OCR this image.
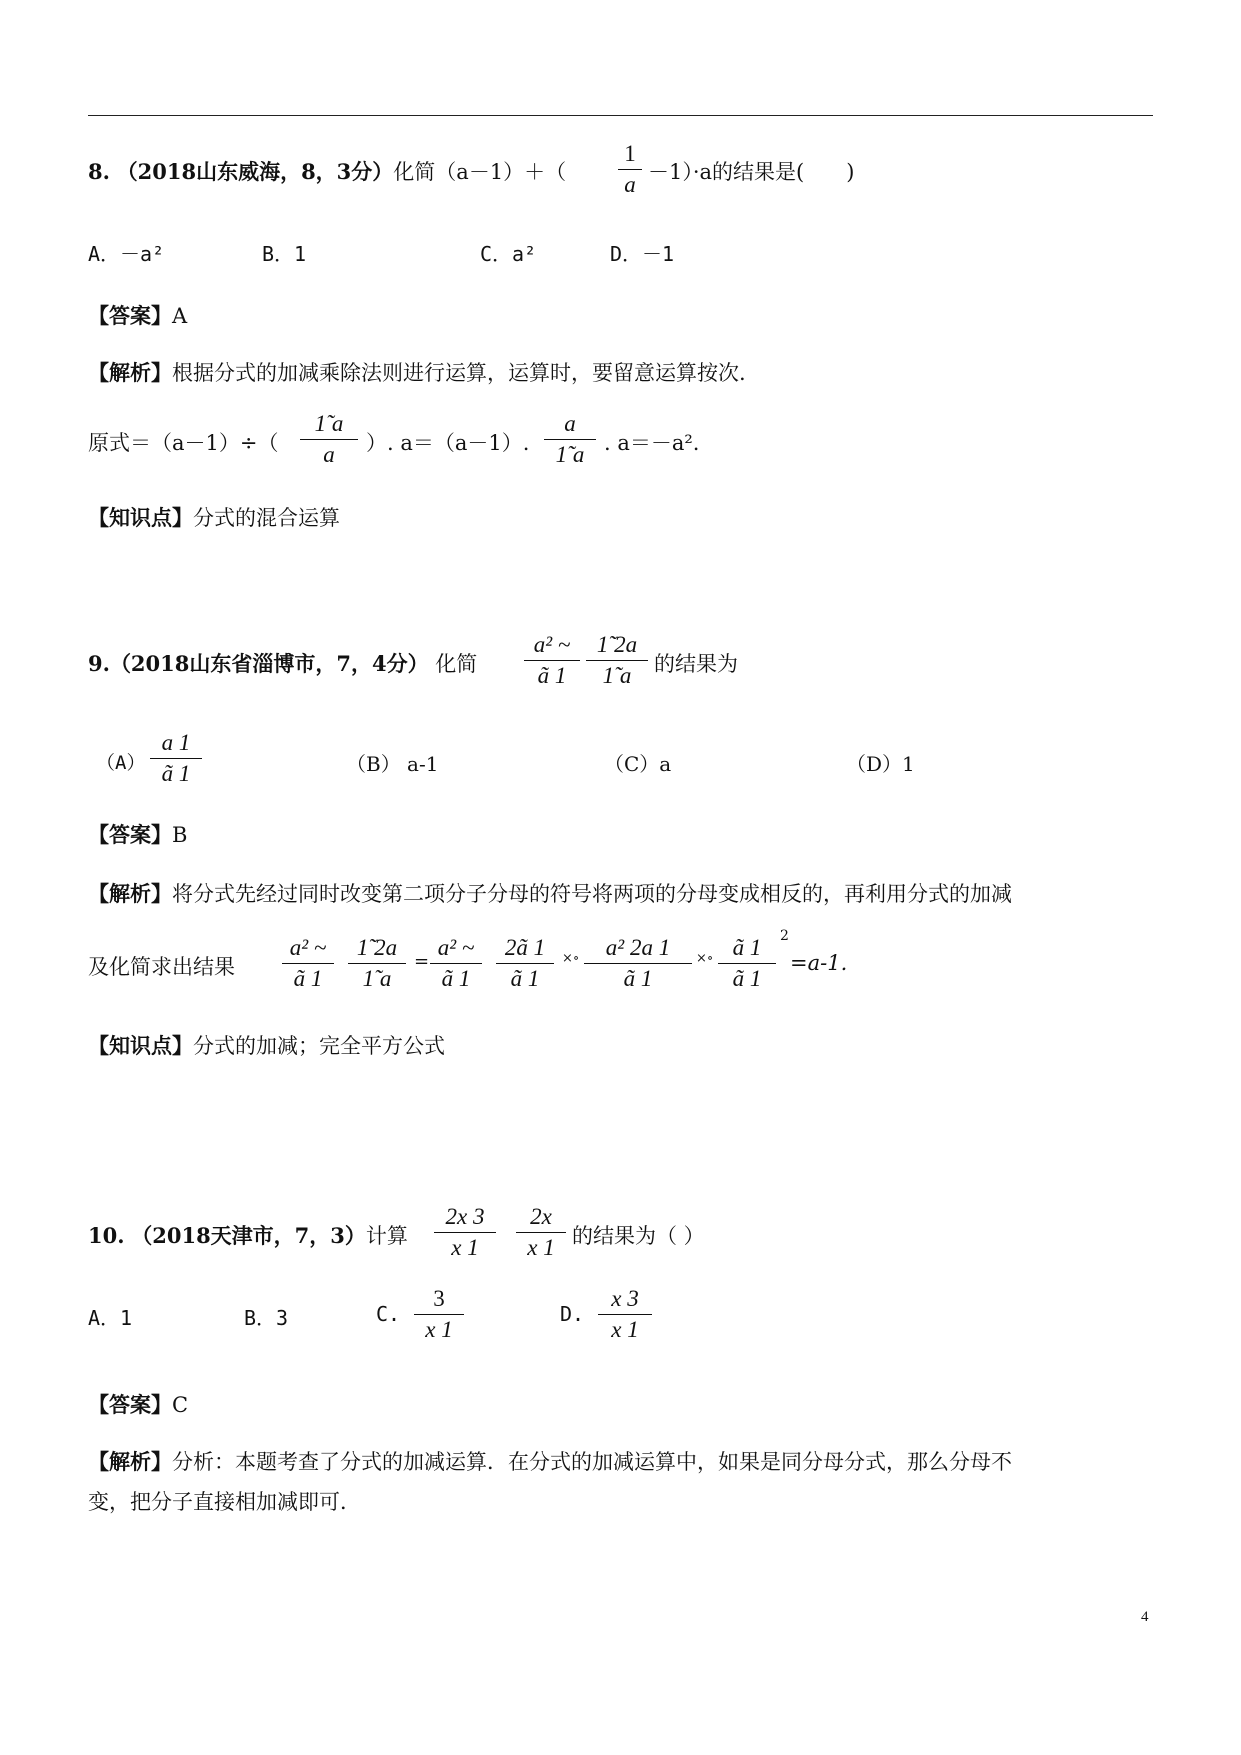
8. （2018山东威海，8，3分）化简（a－1）＋（
1
a －1）·a的结果是(　　)
A．－a²	B．1	C．a²	D．－1
【答案】A
【解析】根据分式的加减乘除法则进行运算，运算时，要留意运算按次.
原式＝（a－1）÷（
1̃ a
a	）. a＝（a－1）.
a
1̃ a . a＝－a².
【知识点】分式的混合运算
9.（2018山东省淄博市，7，4分） 化简
a² ~
ã 1
1̃ 2a
1̃ a	的结果为
（A）
a 1
ã 1	（B） a-1	（C）a	（D）1
【答案】B
【解析】将分式先经过同时改变第二项分子分母的符号将两项的分母变成相反的，再利用分式的加减
及化简求出结果
a² ~
ã 1
1̃ 2a
1̃ a
=
a² ~
ã 1
2ã 1
ã 1
×∘	a² 2a 1
ã 1
×∘ ã 1
ã 1
2
=a-1.
【知识点】分式的加减；完全平方公式
10. （2018天津市，7，3）计算
2x 3
x 1
2x
x 1 的结果为（ ）
A．1	B．3	C.
3
x 1
D.
x 3
x 1
【答案】C
【解析】分析：本题考查了分式的加减运算．在分式的加减运算中，如果是同分母分式，那么分母不
变，把分子直接相加减即可．
4
